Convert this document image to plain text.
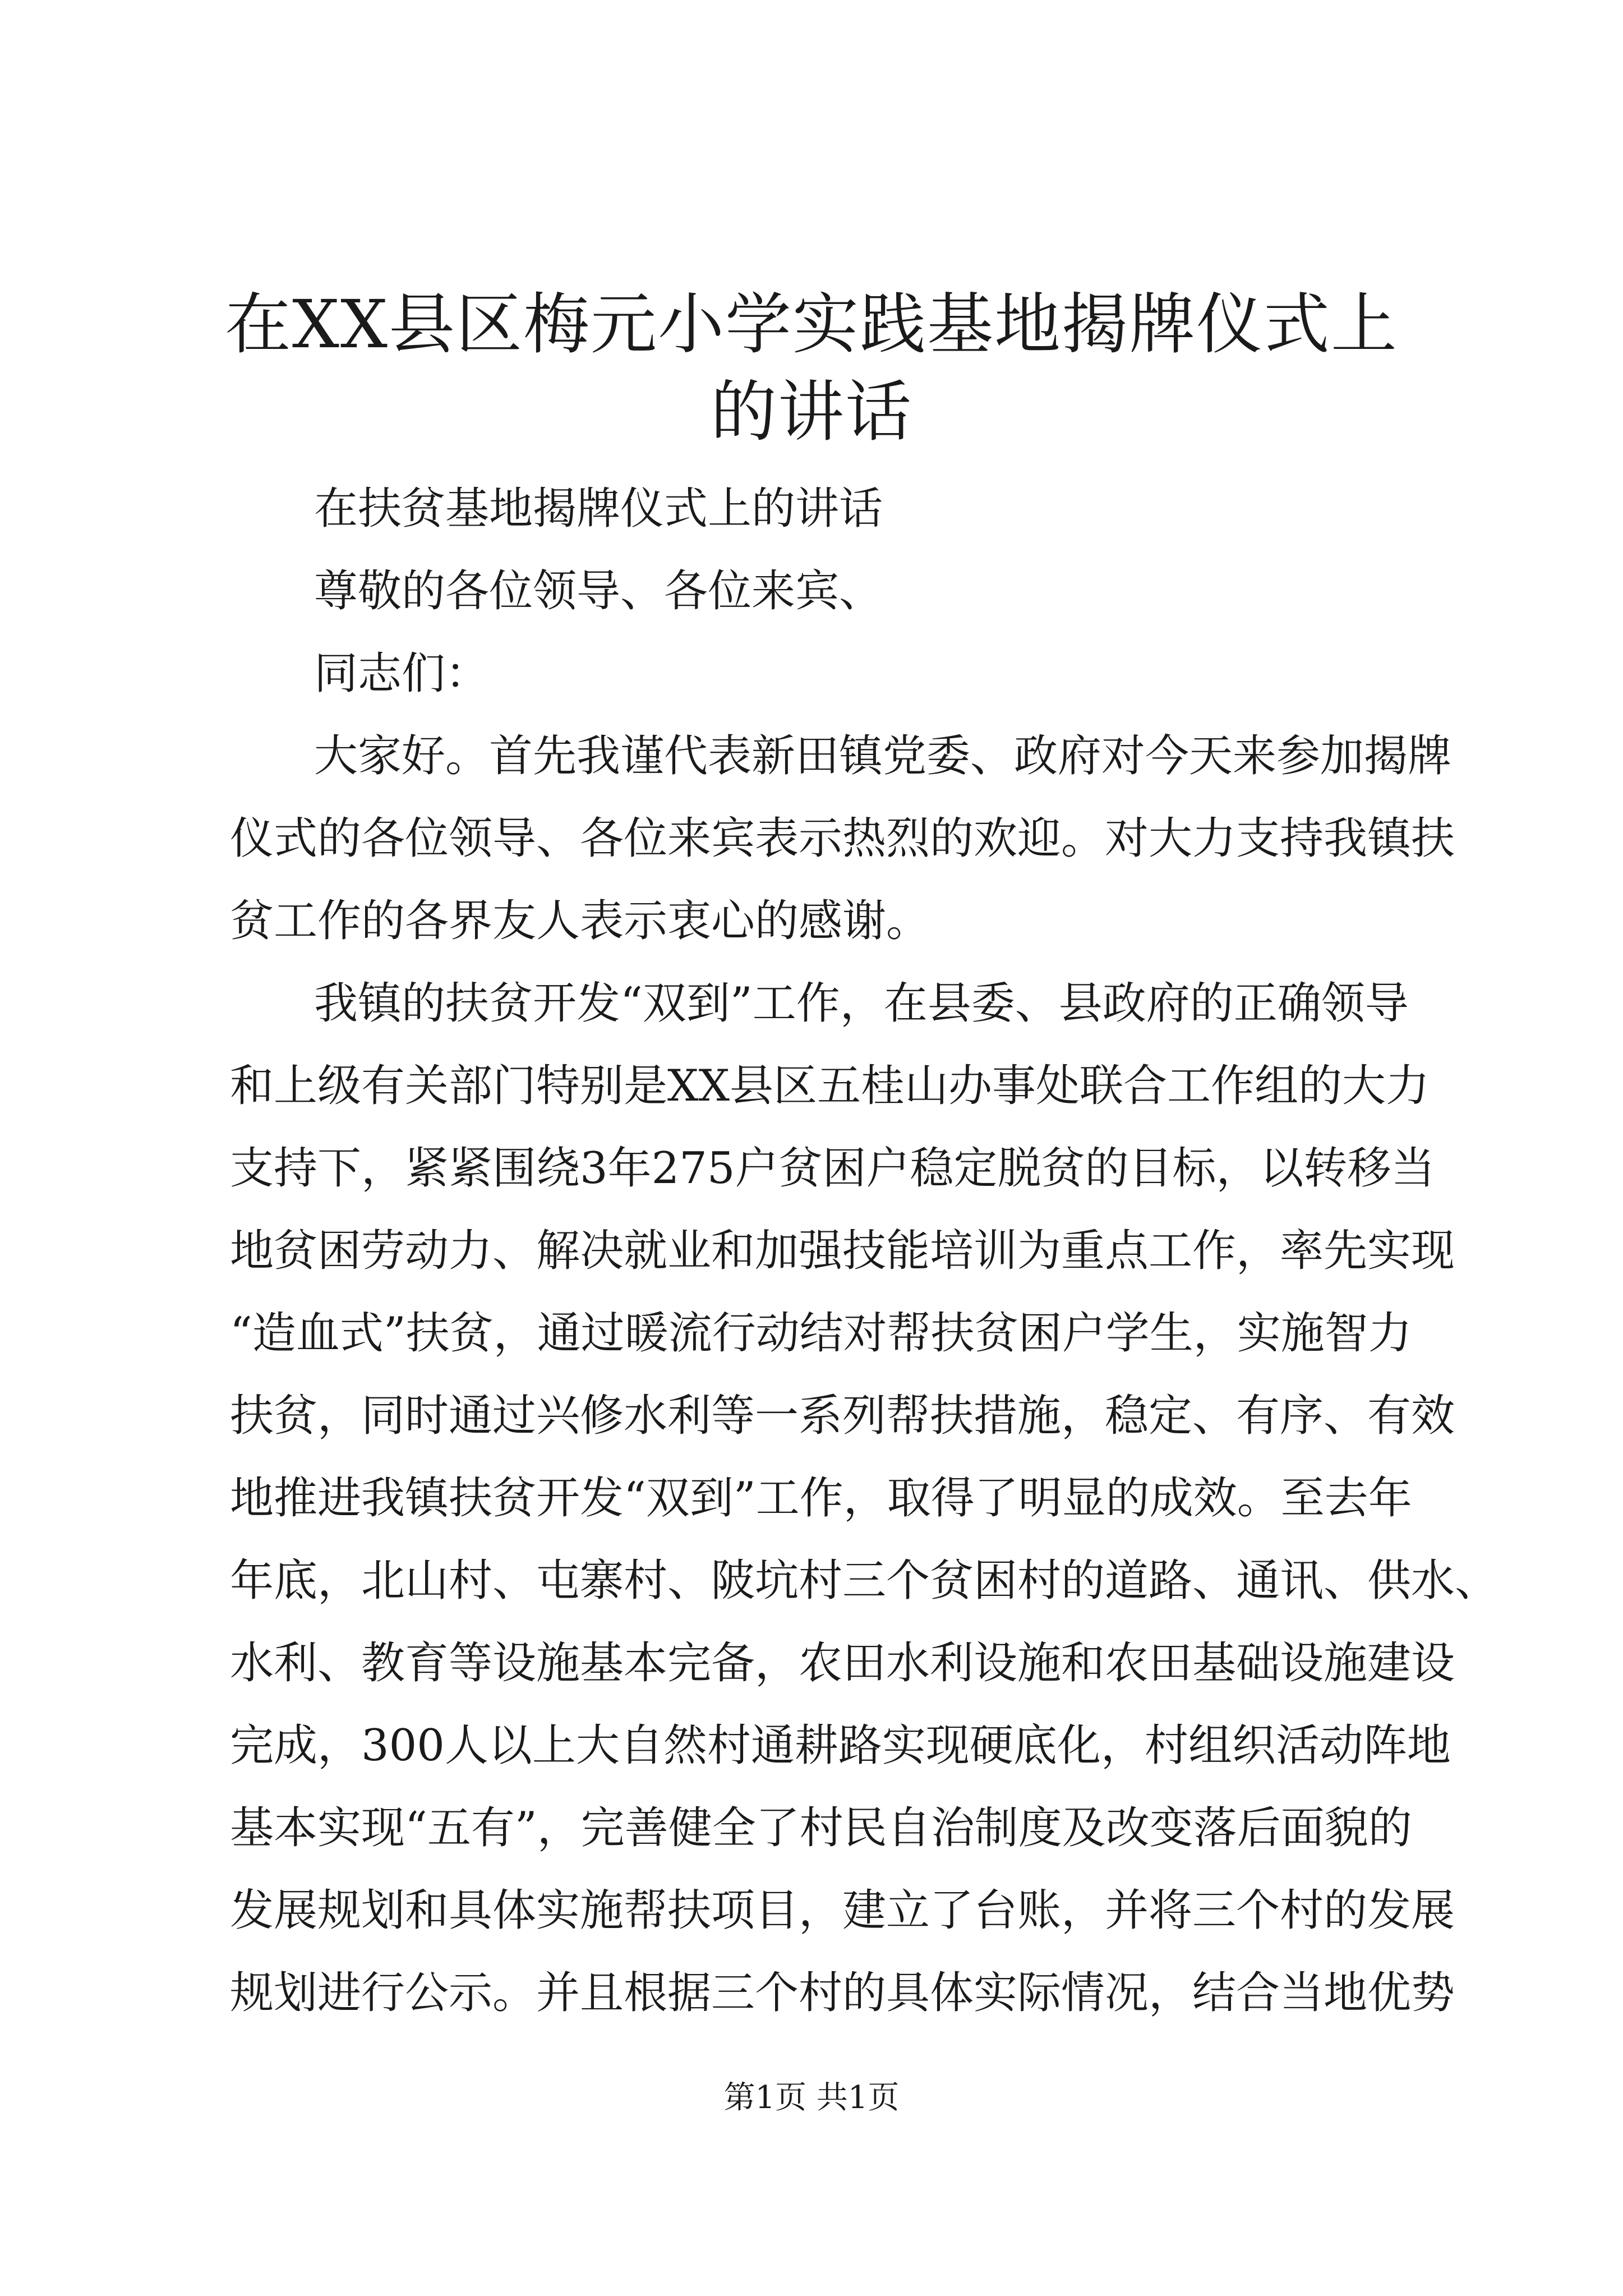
在XX县区梅元小学实践基地揭牌仪式上的讲话
在扶贫基地揭牌仪式上的讲话
尊敬的各位领导、各位来宾、
同志们：
大家好。首先我谨代表新田镇党委、政府对今天来参加揭牌
仪式的各位领导、各位来宾表示热烈的欢迎。对大力支持我镇扶
贫工作的各界友人表示衷心的感谢。
我镇的扶贫开发“双到”工作，在县委、县政府的正确领导
和上级有关部门特别是XX县区五桂山办事处联合工作组的大力
支持下，紧紧围绕3年275户贫困户稳定脱贫的目标，以转移当
地贫困劳动力、解决就业和加强技能培训为重点工作，率先实现
“造血式”扶贫，通过暖流行动结对帮扶贫困户学生，实施智力
扶贫，同时通过兴修水利等一系列帮扶措施，稳定、有序、有效
地推进我镇扶贫开发“双到”工作，取得了明显的成效。至去年
年底，北山村、屯寨村、陂坑村三个贫困村的道路、通讯、供水、
水利、教育等设施基本完备，农田水利设施和农田基础设施建设
完成，300人以上大自然村通耕路实现硬底化，村组织活动阵地
基本实现“五有”，完善健全了村民自治制度及改变落后面貌的
发展规划和具体实施帮扶项目，建立了台账，并将三个村的发展
规划进行公示。并且根据三个村的具体实际情况，结合当地优势
第1页 共1页
